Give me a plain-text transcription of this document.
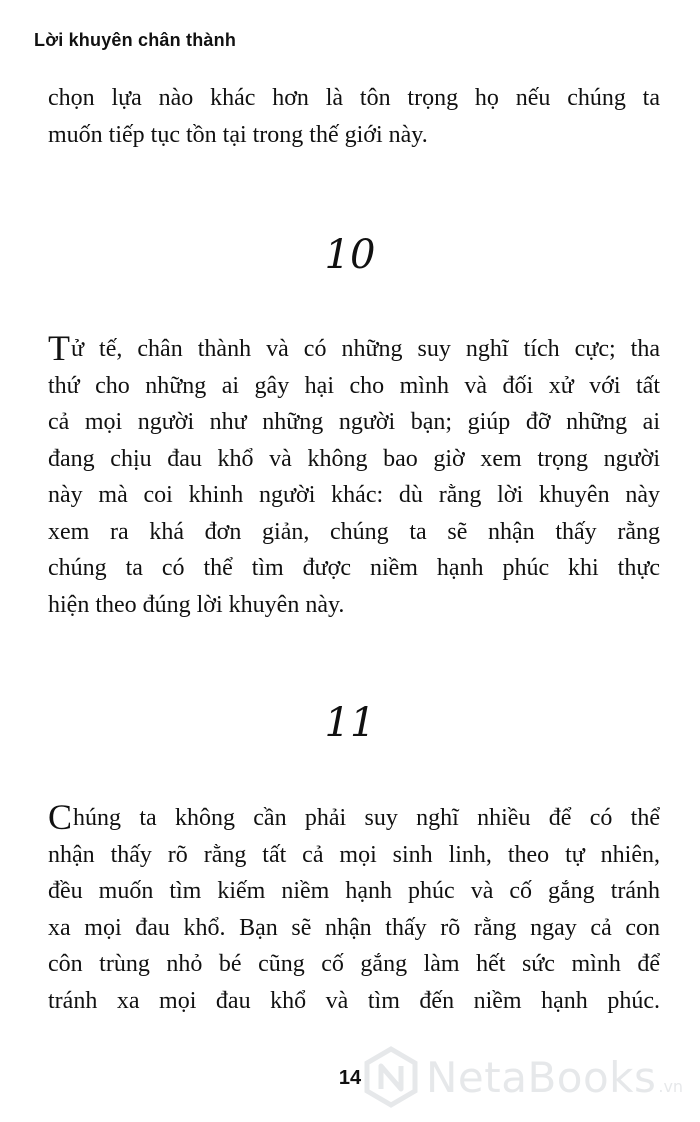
Lời khuyên chân thành

chọn lựa nào khác hơn là tôn trọng họ nếu chúng ta
muốn tiếp tục tồn tại trong thế giới này.

10

Tử tế, chân thành và có những suy nghĩ tích cực; tha
thứ cho những ai gây hại cho mình và đối xử với tất
cả mọi người như những người bạn; giúp đỡ những ai
đang chịu đau khổ và không bao giờ xem trọng người
này mà coi khinh người khác: dù rằng lời khuyên này
xem ra khá đơn giản, chúng ta sẽ nhận thấy rằng
chúng ta có thể tìm được niềm hạnh phúc khi thực
hiện theo đúng lời khuyên này.

11

Chúng ta không cần phải suy nghĩ nhiều để có thể
nhận thấy rõ rằng tất cả mọi sinh linh, theo tự nhiên,
đều muốn tìm kiếm niềm hạnh phúc và cố gắng tránh
xa mọi đau khổ. Bạn sẽ nhận thấy rõ rằng ngay cả con
côn trùng nhỏ bé cũng cố gắng làm hết sức mình để
tránh xa mọi đau khổ và tìm đến niềm hạnh phúc.

14	NetaBooks .vn
